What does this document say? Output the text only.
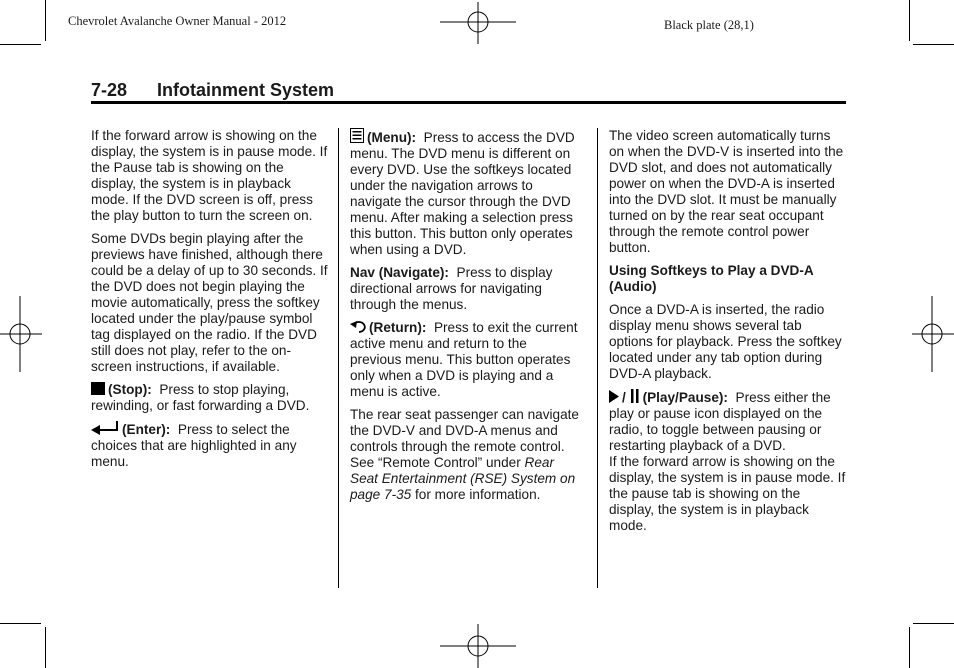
Chevrolet Avalanche Owner Manual - 2012	Black plate (28,1)
7-28 Infotainment System

If the forward arrow is showing on the display, the system is in pause mode. If the Pause tab is showing on the display, the system is in playback mode. If the DVD screen is off, press the play button to turn the screen on.

Some DVDs begin playing after the previews have finished, although there could be a delay of up to 30 seconds. If the DVD does not begin playing the movie automatically, press the softkey located under the play/pause symbol tag displayed on the radio. If the DVD still does not play, refer to the on-screen instructions, if available.

(Stop): Press to stop playing, rewinding, or fast forwarding a DVD.

(Enter): Press to select the choices that are highlighted in any menu.

(Menu): Press to access the DVD menu. The DVD menu is different on every DVD. Use the softkeys located under the navigation arrows to navigate the cursor through the DVD menu. After making a selection press this button. This button only operates when using a DVD.

Nav (Navigate): Press to display directional arrows for navigating through the menus.

(Return): Press to exit the current active menu and return to the previous menu. This button operates only when a DVD is playing and a menu is active.

The rear seat passenger can navigate the DVD-V and DVD-A menus and controls through the remote control. See “Remote Control” under Rear Seat Entertainment (RSE) System on page 7-35 for more information.

The video screen automatically turns on when the DVD-V is inserted into the DVD slot, and does not automatically power on when the DVD-A is inserted into the DVD slot. It must be manually turned on by the rear seat occupant through the remote control power button.

Using Softkeys to Play a DVD-A (Audio)

Once a DVD-A is inserted, the radio display menu shows several tab options for playback. Press the softkey located under any tab option during DVD-A playback.

/ (Play/Pause): Press either the play or pause icon displayed on the radio, to toggle between pausing or restarting playback of a DVD.

If the forward arrow is showing on the display, the system is in pause mode. If the pause tab is showing on the display, the system is in playback mode.
